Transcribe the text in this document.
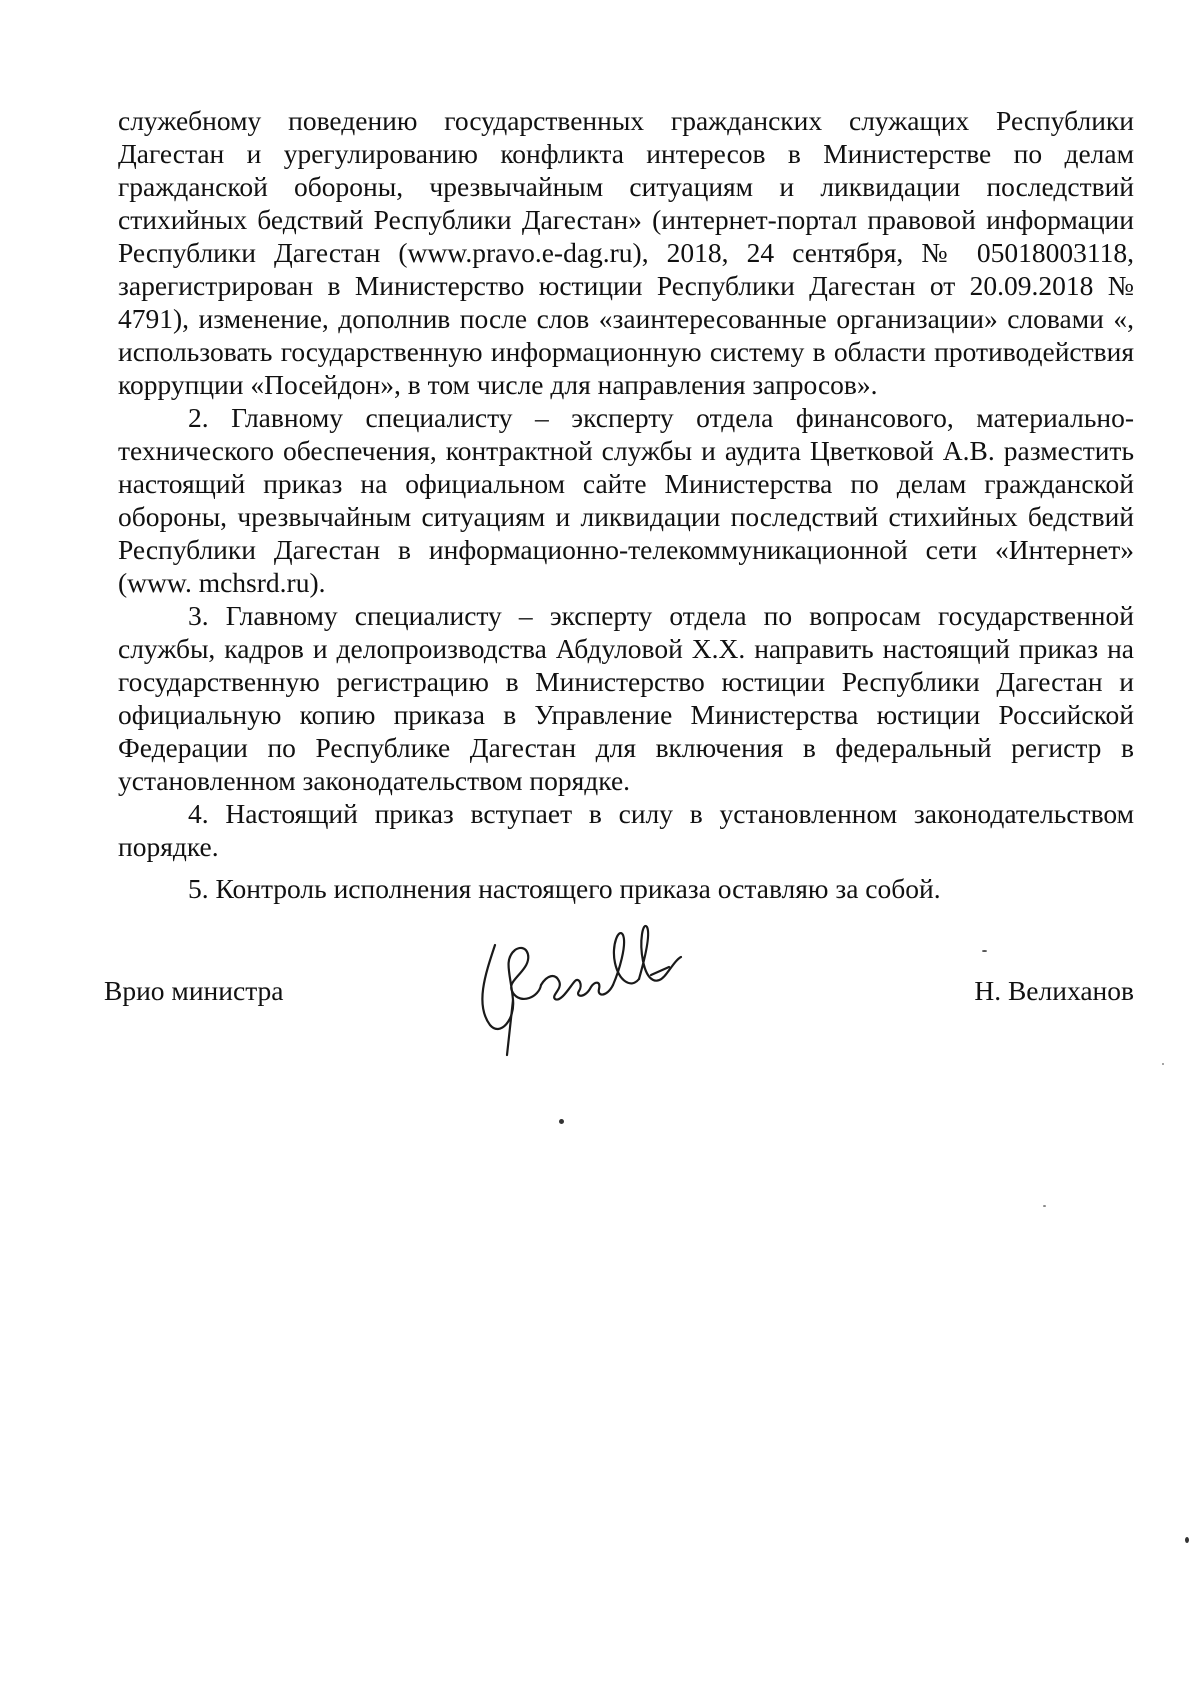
служебному поведению государственных гражданских служащих Республики Дагестан и урегулированию конфликта интересов в Министерстве по делам гражданской обороны, чрезвычайным ситуациям и ликвидации последствий стихийных бедствий Республики Дагестан» (интернет-портал правовой информации Республики Дагестан (www.pravo.e-dag.ru), 2018, 24 сентября, № 05018003118, зарегистрирован в Министерство юстиции Республики Дагестан от 20.09.2018 № 4791), изменение, дополнив после слов «заинтересованные организации» словами «, использовать государственную информационную систему в области противодействия коррупции «Посейдон», в том числе для направления запросов».

2. Главному специалисту – эксперту отдела финансового, материально-технического обеспечения, контрактной службы и аудита Цветковой А.В. разместить настоящий приказ на официальном сайте Министерства по делам гражданской обороны, чрезвычайным ситуациям и ликвидации последствий стихийных бедствий Республики Дагестан в информационно-телекоммуникационной сети «Интернет» (www. mchsrd.ru).

3. Главному специалисту – эксперту отдела по вопросам государственной службы, кадров и делопроизводства Абдуловой Х.Х. направить настоящий приказ на государственную регистрацию в Министерство юстиции Республики Дагестан и официальную копию приказа в Управление Министерства юстиции Российской Федерации по Республике Дагестан для включения в федеральный регистр в установленном законодательством порядке.

4. Настоящий приказ вступает в силу в установленном законодательством порядке.

5. Контроль исполнения настоящего приказа оставляю за собой.

Врио министра	Н. Велиханов
